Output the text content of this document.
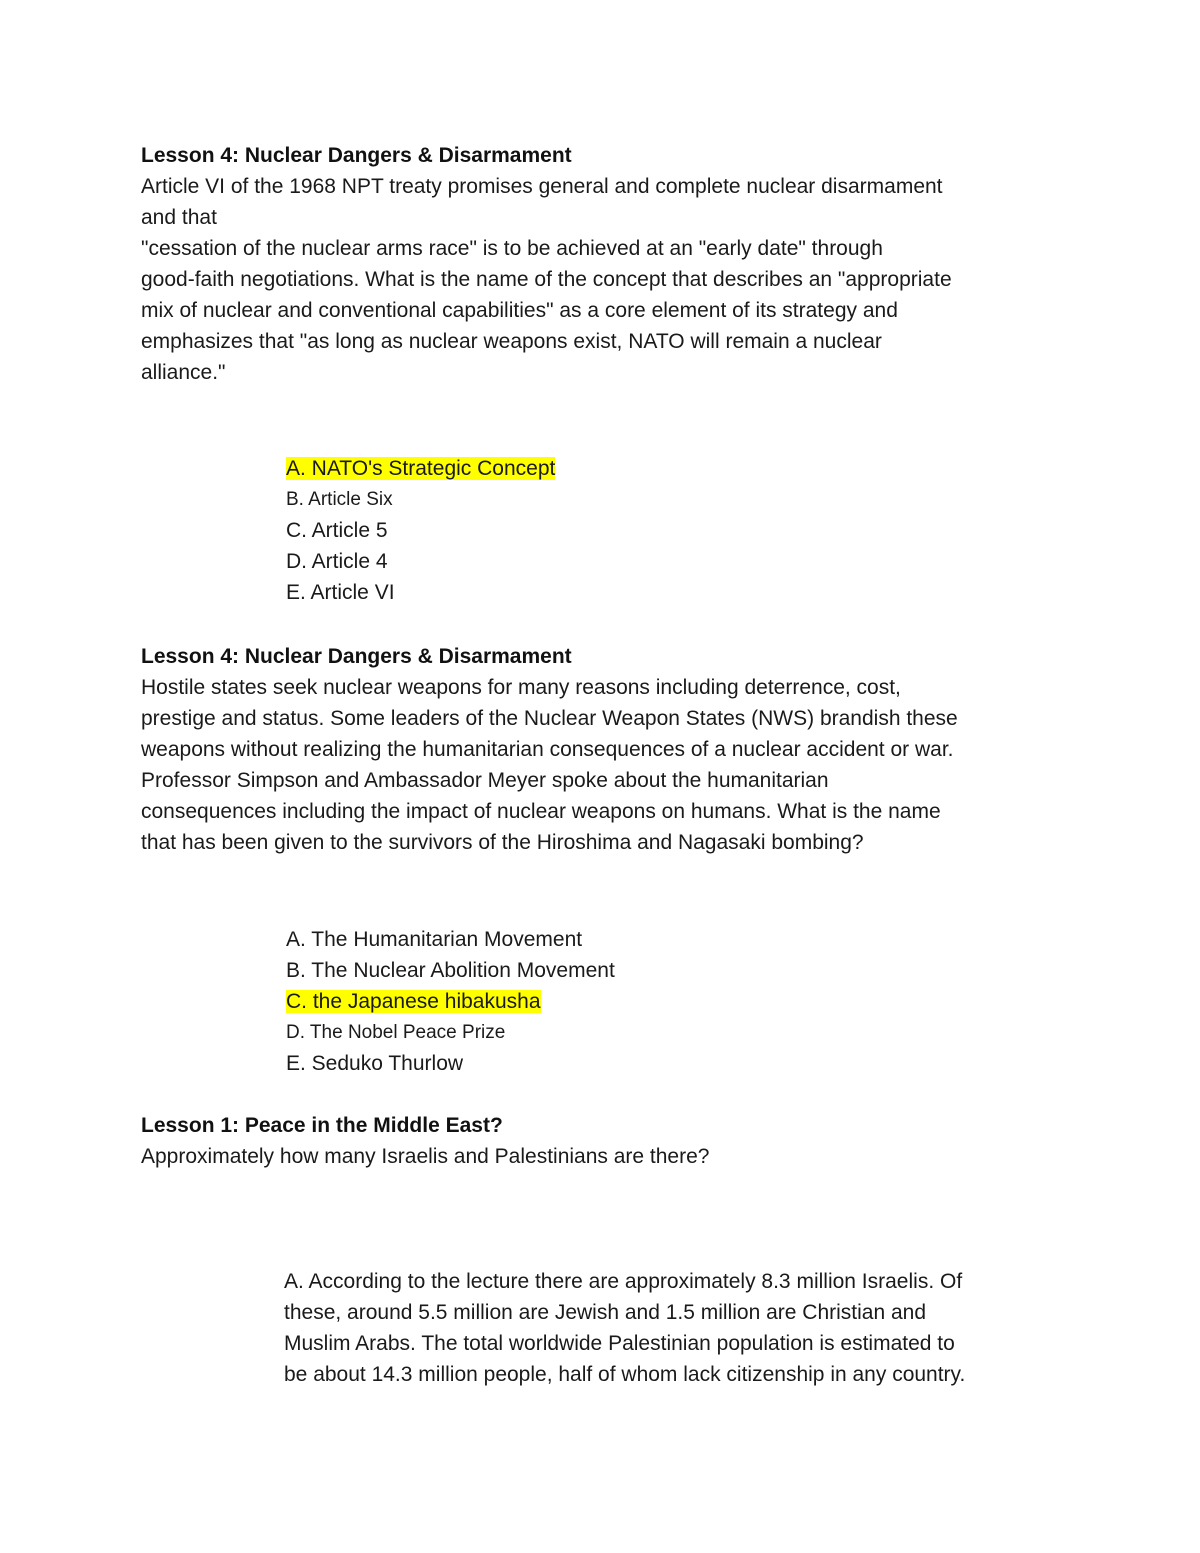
Lesson 4: Nuclear Dangers & Disarmament

Article VI of the 1968 NPT treaty promises general and complete nuclear disarmament

and that

"cessation of the nuclear arms race" is to be achieved at an "early date" through

good-faith negotiations. What is the name of the concept that describes an "appropriate

mix of nuclear and conventional capabilities" as a core element of its strategy and

emphasizes that "as long as nuclear weapons exist, NATO will remain a nuclear

alliance."

A. NATO's Strategic Concept
B. Article Six
C. Article 5
D. Article 4
E. Article VI

Lesson 4: Nuclear Dangers & Disarmament

Hostile states seek nuclear weapons for many reasons including deterrence, cost,

prestige and status. Some leaders of the Nuclear Weapon States (NWS) brandish these

weapons without realizing the humanitarian consequences of a nuclear accident or war.

Professor Simpson and Ambassador Meyer spoke about the humanitarian

consequences including the impact of nuclear weapons on humans. What is the name

that has been given to the survivors of the Hiroshima and Nagasaki bombing?

A. The Humanitarian Movement
B. The Nuclear Abolition Movement
C. the Japanese hibakusha
D. The Nobel Peace Prize
E. Seduko Thurlow

Lesson 1: Peace in the Middle East?

Approximately how many Israelis and Palestinians are there?

A. According to the lecture there are approximately 8.3 million Israelis. Of
these, around 5.5 million are Jewish and 1.5 million are Christian and
Muslim Arabs. The total worldwide Palestinian population is estimated to
be about 14.3 million people, half of whom lack citizenship in any country.
